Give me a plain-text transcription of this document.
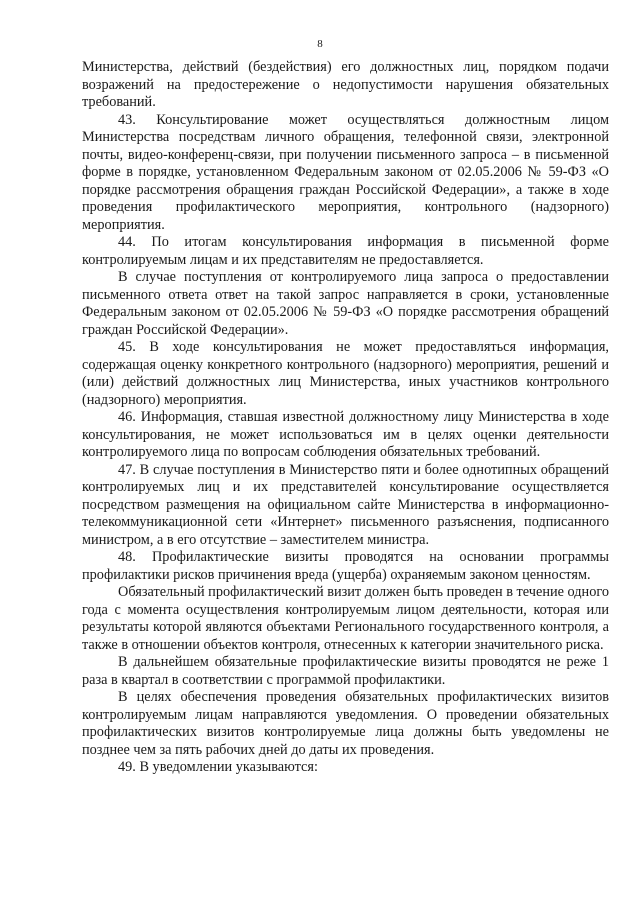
8

Министерства, действий (бездействия) его должностных лиц, порядком подачи возражений на предостережение о недопустимости нарушения обязательных требований.

43. Консультирование может осуществляться должностным лицом Министерства посредствам личного обращения, телефонной связи, электронной почты, видео-конференц-связи, при получении письменного запроса – в письменной форме в порядке, установленном Федеральным законом от 02.05.2006 № 59-ФЗ «О порядке рассмотрения обращения граждан Российской Федерации», а также в ходе проведения профилактического мероприятия, контрольного (надзорного) мероприятия.

44. По итогам консультирования информация в письменной форме контролируемым лицам и их представителям не предоставляется.

В случае поступления от контролируемого лица запроса о предоставлении письменного ответа ответ на такой запрос направляется в сроки, установленные Федеральным законом от 02.05.2006 № 59-ФЗ «О порядке рассмотрения обращений граждан Российской Федерации».

45. В ходе консультирования не может предоставляться информация, содержащая оценку конкретного контрольного (надзорного) мероприятия, решений и (или) действий должностных лиц Министерства, иных участников контрольного (надзорного) мероприятия.

46. Информация, ставшая известной должностному лицу Министерства в ходе консультирования, не может использоваться им в целях оценки деятельности контролируемого лица по вопросам соблюдения обязательных требований.

47. В случае поступления в Министерство пяти и более однотипных обращений контролируемых лиц и их представителей консультирование осуществляется посредством размещения на официальном сайте Министерства в информационно-телекоммуникационной сети «Интернет» письменного разъяснения, подписанного министром, а в его отсутствие – заместителем министра.

48. Профилактические визиты проводятся на основании программы профилактики рисков причинения вреда (ущерба) охраняемым законом ценностям.

Обязательный профилактический визит должен быть проведен в течение одного года с момента осуществления контролируемым лицом деятельности, которая или результаты которой являются объектами Регионального государственного контроля, а также в отношении объектов контроля, отнесенных к категории значительного риска.

В дальнейшем обязательные профилактические визиты проводятся не реже 1 раза в квартал в соответствии с программой профилактики.

В целях обеспечения проведения обязательных профилактических визитов контролируемым лицам направляются уведомления. О проведении обязательных профилактических визитов контролируемые лица должны быть уведомлены не позднее чем за пять рабочих дней до даты их проведения.

49. В уведомлении указываются:
